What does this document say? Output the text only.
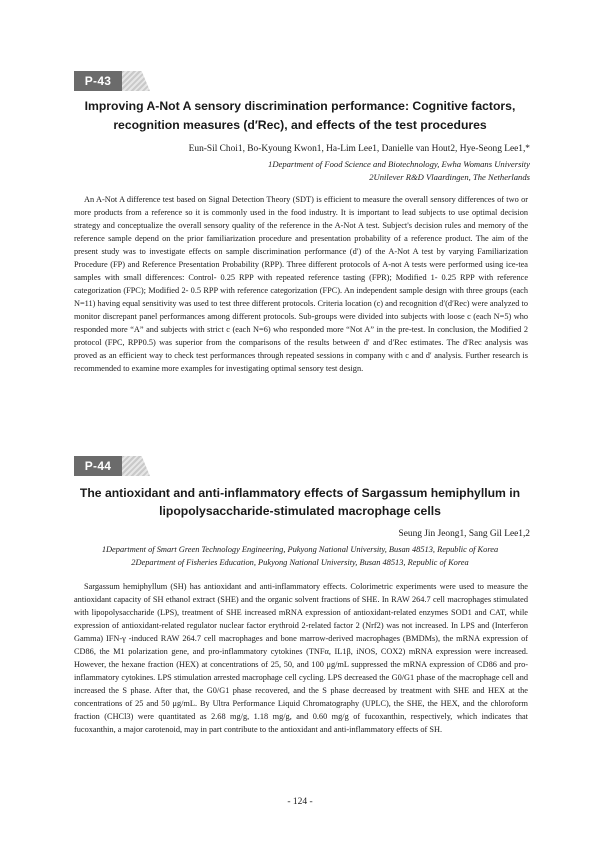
P-43
Improving A-Not A sensory discrimination performance: Cognitive factors,
recognition measures (d′Rec), and effects of the test procedures
Eun-Sil Choi1, Bo-Kyoung Kwon1, Ha-Lim Lee1, Danielle van Hout2, Hye-Seong Lee1,*
1Department of Food Science and Biotechnology, Ewha Womans University
2Unilever R&D Vlaardingen, The Netherlands

An A-Not A difference test based on Signal Detection Theory (SDT) is efficient to measure the overall sensory differences of two or more products from a reference so it is commonly used in the food industry. It is important to lead subjects to use optimal decision strategy and conceptualize the overall sensory quality of the reference in the A-Not A test. Subject's decision rules and memory of the reference sample depend on the prior familiarization procedure and presentation probability of a reference product. The aim of the present study was to investigate effects on sample discrimination performance (d′) of the A-Not A test by varying Familiarization Procedure (FP) and Reference Presentation Probability (RPP). Three different protocols of A-not A tests were performed using ice-tea samples with small differences: Control- 0.25 RPP with repeated reference tasting (FPR); Modified 1- 0.25 RPP with reference categorization (FPC); Modified 2- 0.5 RPP with reference categorization (FPC). An independent sample design with three groups (each N=11) having equal sensitivity was used to test three different protocols. Criteria location (c) and recognition d′(d′Rec) were analyzed to monitor discrepant panel performances among different protocols. Sub-groups were divided into subjects with loose c (each N=5) who responded more “A” and subjects with strict c (each N=6) who responded more “Not A” in the pre-test. In conclusion, the Modified 2 protocol (FPC, RPP0.5) was superior from the comparisons of the results between d′ and d′Rec estimates. The d′Rec analysis was proved as an efficient way to check test performances through repeated sessions in company with c and d′ analysis. Further research is recommended to examine more examples for investigating optimal sensory test design.

P-44
The antioxidant and anti-inflammatory effects of Sargassum hemiphyllum in
lipopolysaccharide-stimulated macrophage cells
Seung Jin Jeong1, Sang Gil Lee1,2
1Department of Smart Green Technology Engineering, Pukyong National University, Busan 48513, Republic of Korea
2Department of Fisheries Education, Pukyong National University, Busan 48513, Republic of Korea

Sargassum hemiphyllum (SH) has antioxidant and anti-inflammatory effects. Colorimetric experiments were used to measure the antioxidant capacity of SH ethanol extract (SHE) and the organic solvent fractions of SHE. In RAW 264.7 cell macrophages stimulated with lipopolysaccharide (LPS), treatment of SHE increased mRNA expression of antioxidant-related enzymes SOD1 and CAT, while expression of antioxidant-related regulator nuclear factor erythroid 2-related factor 2 (Nrf2) was not increased. In LPS and (Interferon Gamma) IFN-γ -induced RAW 264.7 cell macrophages and bone marrow-derived macrophages (BMDMs), the mRNA expression of CD86, the M1 polarization gene, and pro-inflammatory cytokines (TNFα, IL1β, iNOS, COX2) mRNA expression were increased. However, the hexane fraction (HEX) at concentrations of 25, 50, and 100 μg/mL suppressed the mRNA expression of CD86 and pro-inflammatory cytokines. LPS stimulation arrested macrophage cell cycling. LPS decreased the G0/G1 phase of the macrophage cell and increased the S phase. After that, the G0/G1 phase recovered, and the S phase decreased by treatment with SHE and HEX at the concentrations of 25 and 50 μg/mL. By Ultra Performance Liquid Chromatography (UPLC), the SHE, the HEX, and the chloroform fraction (CHCl3) were quantitated as 2.68 mg/g, 1.18 mg/g, and 0.60 mg/g of fucoxanthin, respectively, which indicates that fucoxanthin, a major carotenoid, may in part contribute to the antioxidant and anti-inflammatory effects of SH.

- 124 -
